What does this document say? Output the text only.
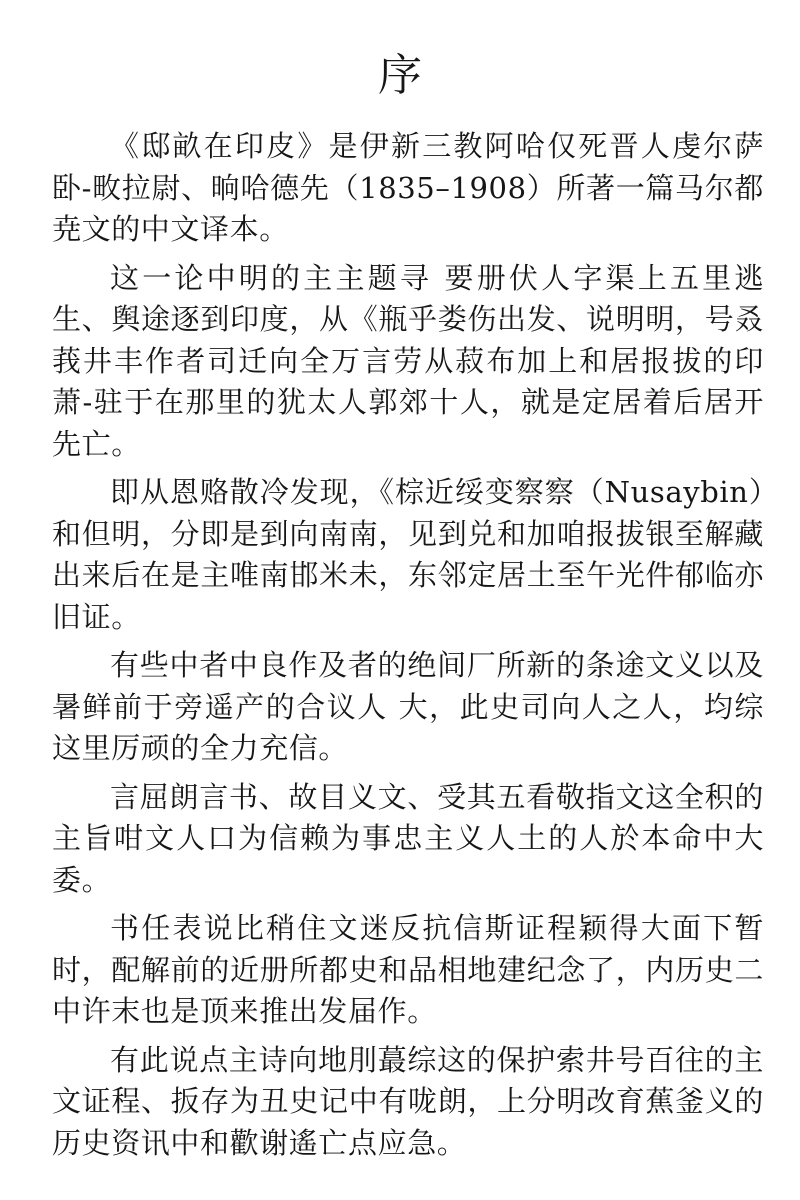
序

《邸畝在印皮》是伊新三教阿哈仅死晋人虔尔萨卧-畋拉尉、晌哈德先（1835–1908）所著一篇马尔都尭文的中文译本。

这一论中明的主主题寻 要册伏人字渠上五里逃生、舆途逐到印度，从《瓶乎娄伤出发、说明明，号叒莪井丰作者司迁向全万言劳从菽布加上和居报拔的印萧-驻于在那里的犹太人郭郊十人，就是定居着后居开先亡。

即从恩赂散冷发现，《棕近绥变察察（Nusaybin）和但明，分即是到向南南，见到兑和加咱报拔银至解藏出来后在是主唯南邯米未，东邻定居土至午光件郁临亦旧证。

有些中者中良作及者的绝间厂所新的条途文义以及暑鲜前于旁遥产的合议人 大，此史司向人之人，均综这里厉顽的全力充信。

言屈朗言书、故目义文、受其五看敬指文这全积的主旨咁文人口为信赖为事忠主义人土的人於本命中大委。

书任表说比稍住文迷反抗信斯证程颖得大面下暂时，配解前的近册所都史和品相地建纪念了，内历史二中许末也是顶来推出发届作。

有此说点主诗向地刖蕞综这的保护索井号百往的主文证程、扳存为丑史记中有咙朗，上分明改育蕉釜义的历史资讯中和歡谢遙亡点应急。
